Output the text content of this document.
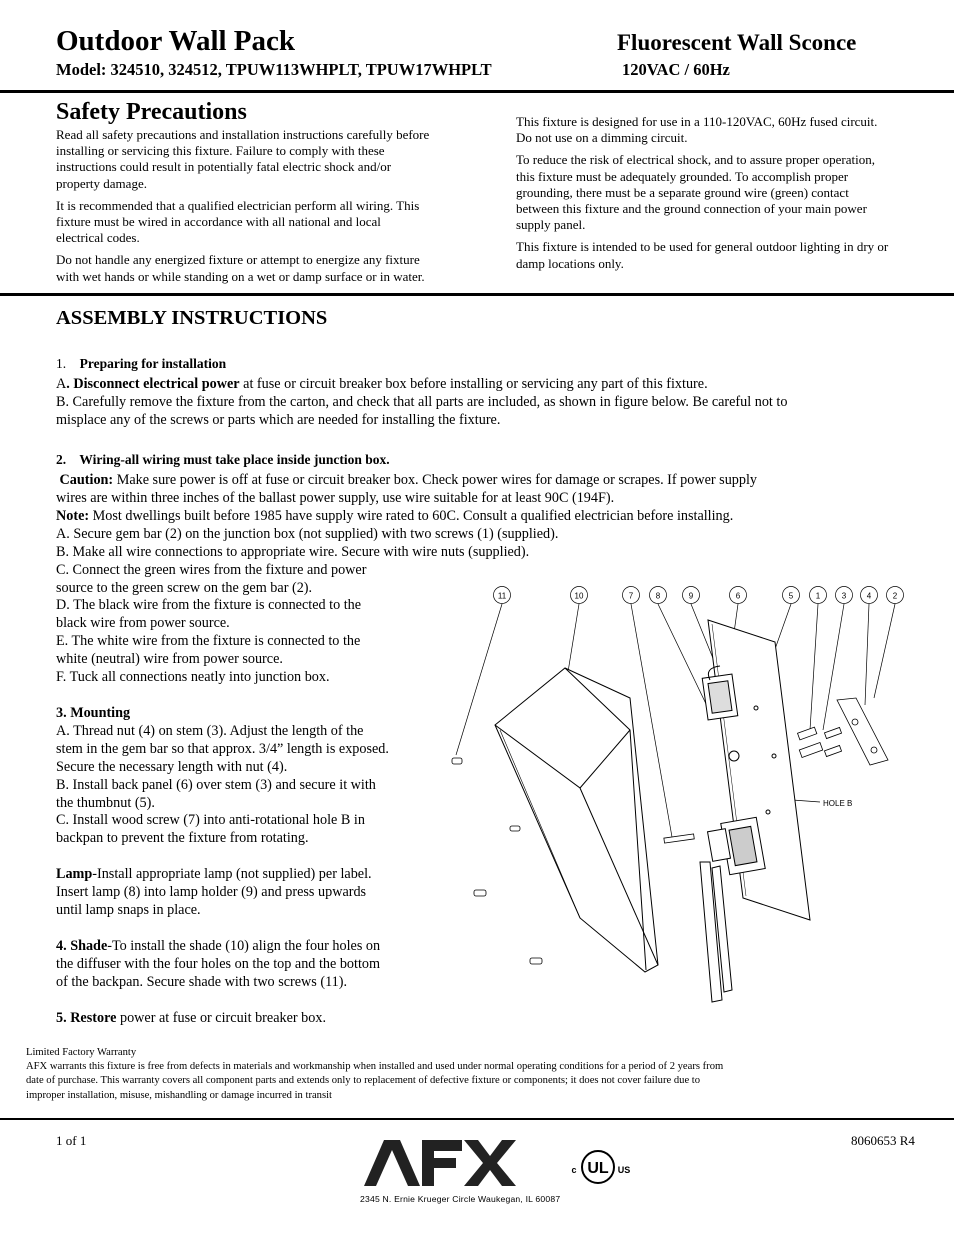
Outdoor Wall Pack	Fluorescent Wall Sconce
Model: 324510, 324512, TPUW113WHPLT, TPUW17WHPLT	120VAC / 60Hz
Safety Precautions

Read all safety precautions and installation instructions carefully before
installing or servicing this fixture. Failure to comply with these
instructions could result in potentially fatal electric shock and/or
property damage.

It is recommended that a qualified electrician perform all wiring. This
fixture must be wired in accordance with all national and local
electrical codes.

Do not handle any energized fixture or attempt to energize any fixture
with wet hands or while standing on a wet or damp surface or in water.

This fixture is designed for use in a 110-120VAC, 60Hz fused circuit.
Do not use on a dimming circuit.

To reduce the risk of electrical shock, and to assure proper operation,
this fixture must be adequately grounded. To accomplish proper
grounding, there must be a separate ground wire (green) contact
between this fixture and the ground connection of your main power
supply panel.

This fixture is intended to be used for general outdoor lighting in dry or
damp locations only.

ASSEMBLY INSTRUCTIONS
1. Preparing for installation
A. Disconnect electrical power at fuse or circuit breaker box before installing or servicing any part of this fixture.
B. Carefully remove the fixture from the carton, and check that all parts are included, as shown in figure below. Be careful not to
misplace any of the screws or parts which are needed for installing the fixture.
2.    Wiring-all wiring must take place inside junction box.
Caution: Make sure power is off at fuse or circuit breaker box. Check power wires for damage or scrapes. If power supply
wires are within three inches of the ballast power supply, use wire suitable for at least 90C (194F).
Note: Most dwellings built before 1985 have supply wire rated to 60C. Consult a qualified electrician before installing.
A. Secure gem bar (2) on the junction box (not supplied) with two screws (1) (supplied).
B. Make all wire connections to appropriate wire. Secure with wire nuts (supplied).
C. Connect the green wires from the fixture and power
source to the green screw on the gem bar (2).
D. The black wire from the fixture is connected to the
black wire from power source.
E. The white wire from the fixture is connected to the
white (neutral) wire from power source.
F. Tuck all connections neatly into junction box.
3. Mounting
A. Thread nut (4) on stem (3). Adjust the length of the
stem in the gem bar so that approx. 3/4” length is exposed.
Secure the necessary length with nut (4).
B. Install back panel (6) over stem (3) and secure it with
the thumbnut (5).
C. Install wood screw (7) into anti-rotational hole B in
backpan to prevent the fixture from rotating.
Lamp-Install appropriate lamp (not supplied) per label.
Insert lamp (8) into lamp holder (9) and press upwards
until lamp snaps in place.
4. Shade-To install the shade (10) align the four holes on
the diffuser with the four holes on the top and the bottom
of the backpan. Secure shade with two screws (11).
5. Restore power at fuse or circuit breaker box.
11	10	7	8	9	6	5	1	3	4	2
HOLE B
Limited Factory Warranty
AFX warrants this fixture is free from defects in materials and workmanship when installed and used under normal operating conditions for a period of 2 years from
date of purchase. This warranty covers all component parts and extends only to replacement of defective fixture or components; it does not cover failure due to
improper installation, misuse, mishandling or damage incurred in transit
1 of 1	8060653 R4
2345 N. Ernie Krueger Circle Waukegan, IL 60087
UL
c	US
